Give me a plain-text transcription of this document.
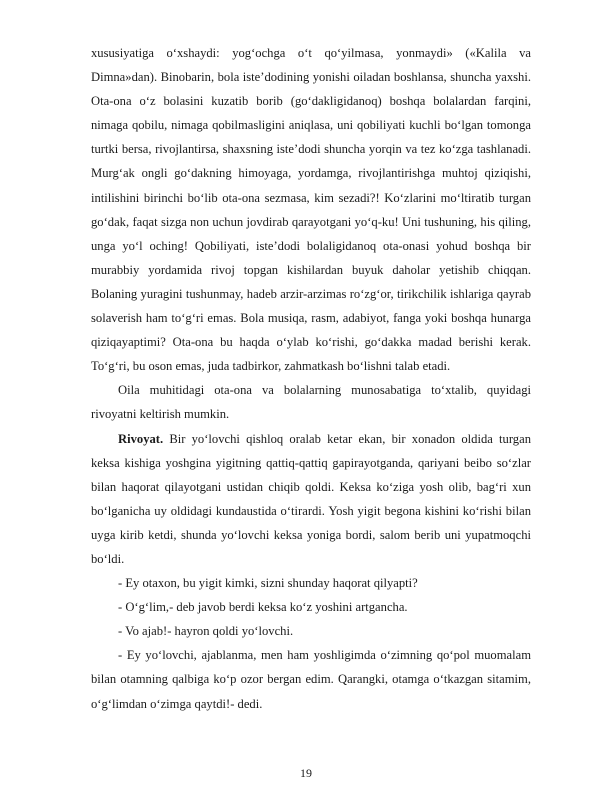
xususiyatiga o‘xshaydi: yog‘ochga o‘t qo‘yilmasa, yonmaydi» («Kalila va Dimna»dan). Binobarin, bola iste’dodining yonishi oiladan boshlansa, shuncha yaxshi. Ota-ona o‘z bolasini kuzatib borib (go‘dakligidanoq) boshqa bolalardan farqini, nimaga qobilu, nimaga qobilmasligini aniqlasa, uni qobiliyati kuchli bo‘lgan tomonga turtki bersa, rivojlantirsa, shaxsning iste’dodi shuncha yorqin va tez ko‘zga tashlanadi. Murg‘ak ongli go‘dakning himoyaga, yordamga, rivojlantirishga muhtoj qiziqishi, intilishini birinchi bo‘lib ota-ona sezmasa, kim sezadi?! Ko‘zlarini mo‘ltiratib turgan go‘dak, faqat sizga non uchun jovdirab qarayotgani yo‘q-ku! Uni tushuning, his qiling, unga yo‘l oching! Qobiliyati, iste’dodi bolaligidanoq ota-onasi yohud boshqa bir murabbiy yordamida rivoj topgan kishilardan buyuk daholar yetishib chiqqan. Bolaning yuragini tushunmay, hadeb arzir-arzimas ro‘zg‘or, tirikchilik ishlariga qayrab solaverish ham to‘g‘ri emas. Bola musiqa, rasm, adabiyot, fanga yoki boshqa hunarga qiziqayaptimi? Ota-ona bu haqda o‘ylab ko‘rishi, go‘dakka madad berishi kerak. To‘g‘ri, bu oson emas, juda tadbirkor, zahmatkash bo‘lishni talab etadi.

Oila muhitidagi ota-ona va bolalarning munosabatiga to‘xtalib, quyidagi rivoyatni keltirish mumkin.

Rivoyat. Bir yo‘lovchi qishloq oralab ketar ekan, bir xonadon oldida turgan keksa kishiga yoshgina yigitning qattiq-qattiq gapirayotganda, qariyani beibo so‘zlar bilan haqorat qilayotgani ustidan chiqib qoldi. Keksa ko‘ziga yosh olib, bag‘ri xun bo‘lganicha uy oldidagi kundaustida o‘tirardi. Yosh yigit begona kishini ko‘rishi bilan uyga kirib ketdi, shunda yo‘lovchi keksa yoniga bordi, salom berib uni yupatmoqchi bo‘ldi.

- Ey otaxon, bu yigit kimki, sizni shunday haqorat qilyapti?

- O‘g‘lim,- deb javob berdi keksa ko‘z yoshini artgancha.

- Vo ajab!- hayron qoldi yo‘lovchi.

- Ey yo‘lovchi, ajablanma, men ham yoshligimda o‘zimning qo‘pol muomalam bilan otamning qalbiga ko‘p ozor bergan edim. Qarangki, otamga o‘tkazgan sitamim, o‘g‘limdan o‘zimga qaytdi!- dedi.

19
